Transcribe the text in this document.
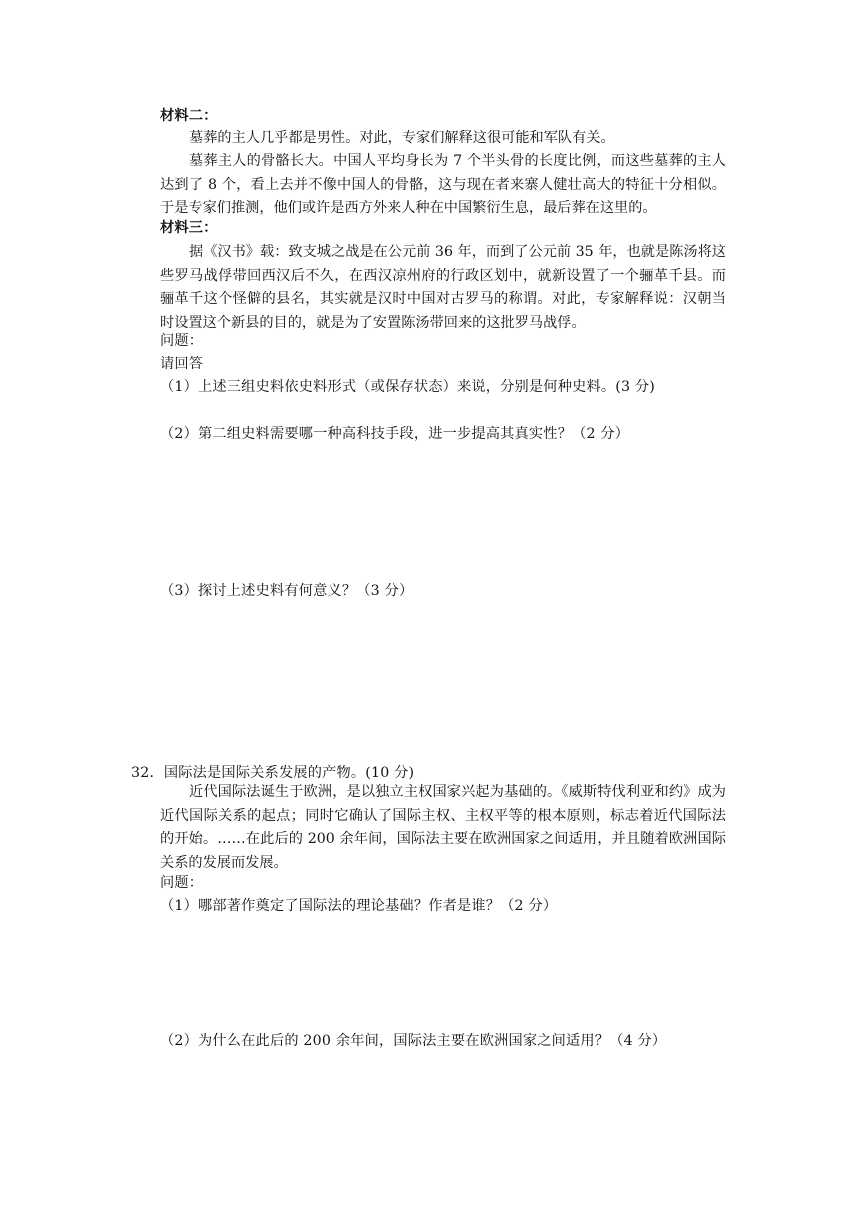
材料二：
墓葬的主人几乎都是男性。对此，专家们解释这很可能和军队有关。
墓葬主人的骨骼长大。中国人平均身长为 7 个半头骨的长度比例，而这些墓葬的主人达到了 8 个，看上去并不像中国人的骨骼，这与现在者来寨人健壮高大的特征十分相似。于是专家们推测，他们或许是西方外来人种在中国繁衍生息，最后葬在这里的。
材料三：
据《汉书》载：致支城之战是在公元前 36 年，而到了公元前 35 年，也就是陈汤将这些罗马战俘带回西汉后不久，在西汉凉州府的行政区划中，就新设置了一个骊革千县。而骊革千这个怪僻的县名，其实就是汉时中国对古罗马的称谓。对此，专家解释说：汉朝当时设置这个新县的目的，就是为了安置陈汤带回来的这批罗马战俘。
问题：
请回答
（1）上述三组史料依史料形式（或保存状态）来说，分别是何种史料。(3 分)
（2）第二组史料需要哪一种高科技手段，进一步提高其真实性？（2 分）
（3）探讨上述史料有何意义？（3 分）
32．国际法是国际关系发展的产物。(10 分)
近代国际法诞生于欧洲，是以独立主权国家兴起为基础的。《威斯特伐利亚和约》成为近代国际关系的起点；同时它确认了国际主权、主权平等的根本原则，标志着近代国际法的开始。……在此后的 200 余年间，国际法主要在欧洲国家之间适用，并且随着欧洲国际关系的发展而发展。
问题：
（1）哪部著作奠定了国际法的理论基础？作者是谁？（2 分）
（2）为什么在此后的 200 余年间，国际法主要在欧洲国家之间适用？（4 分）
